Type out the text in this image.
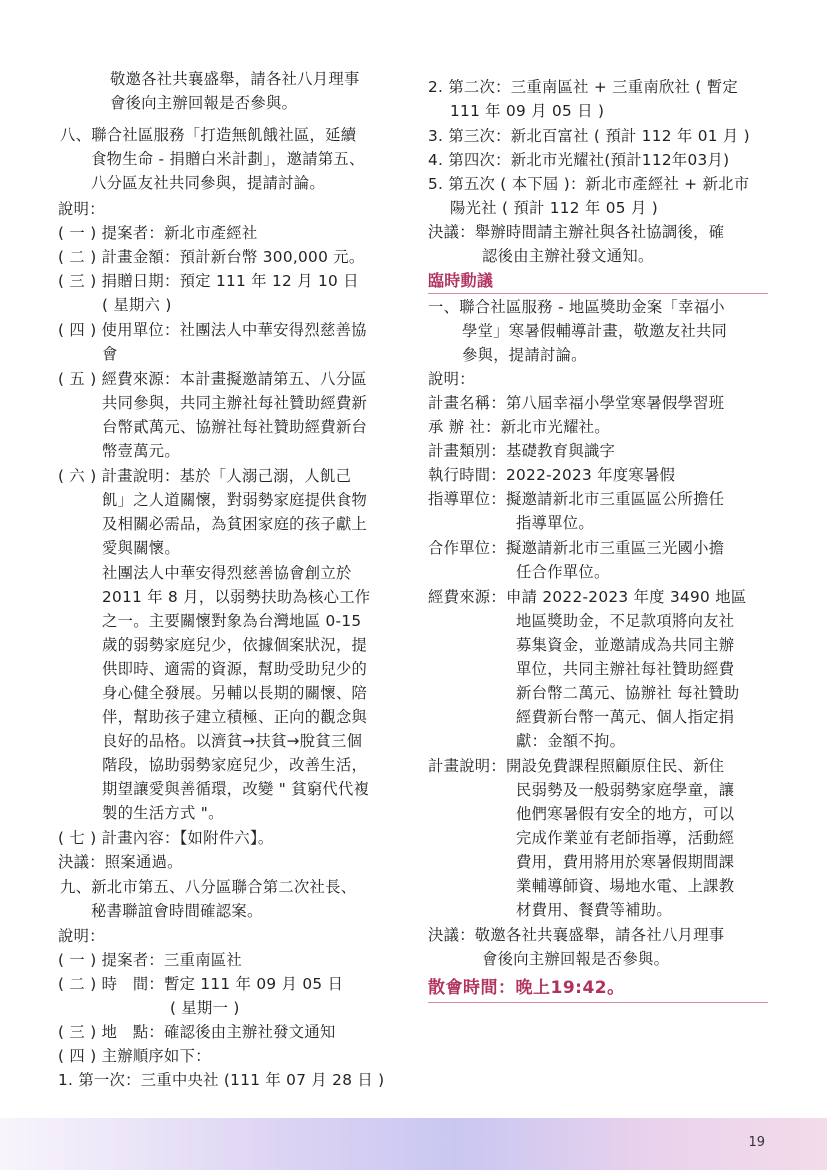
敬邀各社共襄盛舉，請各社八月理事
會後向主辦回報是否參與。
八、聯合社區服務「打造無飢餓社區，延續
食物生命 - 捐贈白米計劃」，邀請第五、
八分區友社共同參與，提請討論。
說明：
( 一 ) 提案者：新北市產經社
( 二 ) 計畫金額：預計新台幣 300,000 元。
( 三 ) 捐贈日期：預定 111 年 12 月 10 日
( 星期六 )
( 四 ) 使用單位：社團法人中華安得烈慈善協
會
( 五 ) 經費來源：本計畫擬邀請第五、八分區
共同參與，共同主辦社每社贊助經費新
台幣貳萬元、協辦社每社贊助經費新台
幣壹萬元。
( 六 ) 計畫說明：基於「人溺己溺，人飢己
飢」之人道關懷，對弱勢家庭提供食物
及相關必需品，為貧困家庭的孩子獻上
愛與關懷。
社團法人中華安得烈慈善協會創立於
2011 年 8 月，以弱勢扶助為核心工作
之一。主要關懷對象為台灣地區 0-15
歲的弱勢家庭兒少，依據個案狀況，提
供即時、適需的資源，幫助受助兒少的
身心健全發展。另輔以長期的關懷、陪
伴，幫助孩子建立積極、正向的觀念與
良好的品格。以濟貧→扶貧→脫貧三個
階段，協助弱勢家庭兒少，改善生活，
期望讓愛與善循環，改變 " 貧窮代代複
製的生活方式 "。
( 七 ) 計畫內容：【如附件六】。
決議：照案通過。
九、新北市第五、八分區聯合第二次社長、
秘書聯誼會時間確認案。
說明：
( 一 ) 提案者：三重南區社
( 二 ) 時　間：暫定 111 年 09 月 05 日
( 星期一 )
( 三 ) 地　點：確認後由主辦社發文通知
( 四 ) 主辦順序如下：
1. 第一次：三重中央社 (111 年 07 月 28 日 )
2. 第二次：三重南區社 + 三重南欣社 ( 暫定
111 年 09 月 05 日 )
3. 第三次：新北百富社 ( 預計 112 年 01 月 )
4. 第四次：新北市光耀社(預計112年03月)
5. 第五次 ( 本下屆 )：新北市產經社 + 新北市
陽光社 ( 預計 112 年 05 月 )
決議：舉辦時間請主辦社與各社協調後，確
認後由主辦社發文通知。
臨時動議
一、聯合社區服務 - 地區獎助金案「幸福小
學堂」寒暑假輔導計畫，敬邀友社共同
參與，提請討論。
說明：
計畫名稱：第八屆幸福小學堂寒暑假學習班
承 辦 社：新北市光耀社。
計畫類別：基礎教育與識字
執行時間：2022-2023 年度寒暑假
指導單位：擬邀請新北市三重區區公所擔任
指導單位。
合作單位：擬邀請新北市三重區三光國小擔
任合作單位。
經費來源：申請 2022-2023 年度 3490 地區
地區獎助金，不足款項將向友社
募集資金，並邀請成為共同主辦
單位，共同主辦社每社贊助經費
新台幣二萬元、協辦社 每社贊助
經費新台幣一萬元、個人指定捐
獻：金額不拘。
計畫說明：開設免費課程照顧原住民、新住
民弱勢及一般弱勢家庭學童，讓
他們寒暑假有安全的地方，可以
完成作業並有老師指導，活動經
費用，費用將用於寒暑假期間課
業輔導師資、場地水電、上課教
材費用、餐費等補助。
決議：敬邀各社共襄盛舉，請各社八月理事
會後向主辦回報是否參與。
散會時間：晚上19:42。
19
